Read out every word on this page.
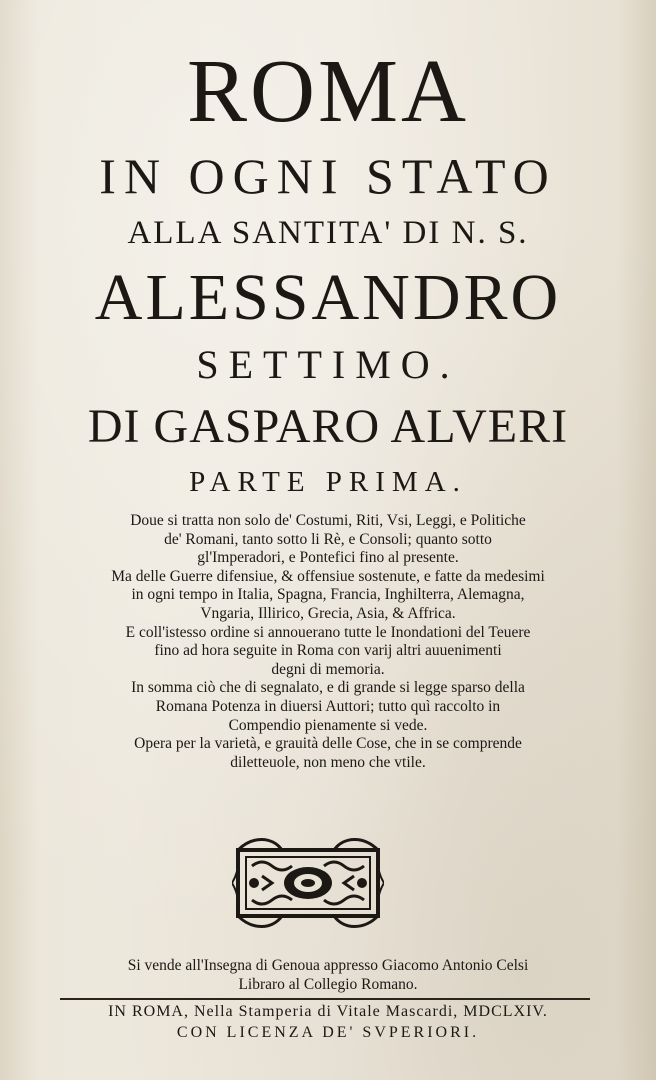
ROMA
IN OGNI STATO
ALLA SANTITA' DI N. S.
ALESSANDRO
SETTIMO.
DI GASPARO ALVERI
PARTE PRIMA.
Doue si tratta non solo de' Costumi, Riti, Vsi, Leggi, e Politiche
de' Romani, tanto sotto li Rè, e Consoli; quanto sotto
gl'Imperadori, e Pontefici fino al presente.
Ma delle Guerre difensiue, & offensiue sostenute, e fatte da medesimi
in ogni tempo in Italia, Spagna, Francia, Inghilterra, Alemagna,
Vngaria, Illirico, Grecia, Asia, & Affrica.
E coll'istesso ordine si annouerano tutte le Inondationi del Teuere
fino ad hora seguite in Roma con varij altri auuenimenti
degni di memoria.
In somma ciò che di segnalato, e di grande si legge sparso della
Romana Potenza in diuersi Auttori; tutto quì raccolto in
Compendio pienamente si vede.
Opera per la varietà, e grauità delle Cose, che in se comprende
diletteuole, non meno che vtile.
Si vende all'Insegna di Genoua appresso Giacomo Antonio Celsi
Libraro al Collegio Romano.
IN ROMA, Nella Stamperia di Vitale Mascardi, MDCLXIV.
CON LICENZA DE' SVPERIORI.
